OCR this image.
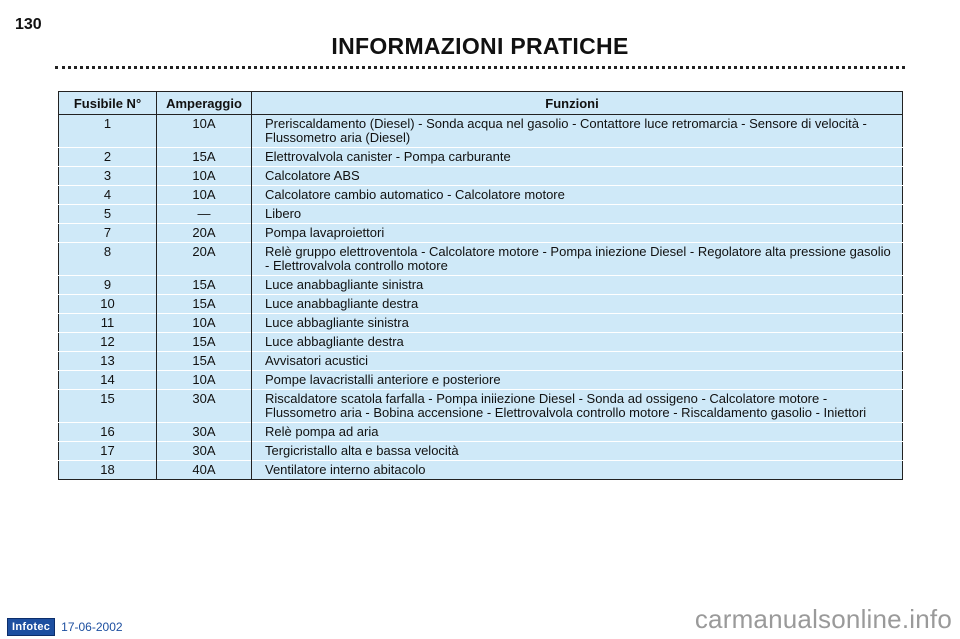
130
INFORMAZIONI PRATICHE
Fusibile N°	Amperaggio	Funzioni
1	10A	Preriscaldamento (Diesel) - Sonda acqua nel gasolio - Contattore luce retromarcia - Sensore di velocità - Flussometro aria (Diesel)
2	15A	Elettrovalvola canister - Pompa carburante
3	10A	Calcolatore ABS
4	10A	Calcolatore cambio automatico - Calcolatore motore
5	—	Libero
7	20A	Pompa lavaproiettori
8	20A	Relè gruppo elettroventola - Calcolatore motore - Pompa iniezione Diesel - Regolatore alta pressione gasolio - Elettrovalvola controllo motore
9	15A	Luce anabbagliante sinistra
10	15A	Luce anabbagliante destra
11	10A	Luce abbagliante sinistra
12	15A	Luce abbagliante destra
13	15A	Avvisatori acustici
14	10A	Pompe lavacristalli anteriore e posteriore
15	30A	Riscaldatore scatola farfalla - Pompa iniiezione Diesel - Sonda ad ossigeno - Calcolatore motore - Flussometro aria - Bobina accensione - Elettrovalvola controllo motore - Riscaldamento gasolio - Iniettori
16	30A	Relè pompa ad aria
17	30A	Tergicristallo alta e bassa velocità
18	40A	Ventilatore interno abitacolo
Infotec 17-06-2002	carmanualsonline.info
